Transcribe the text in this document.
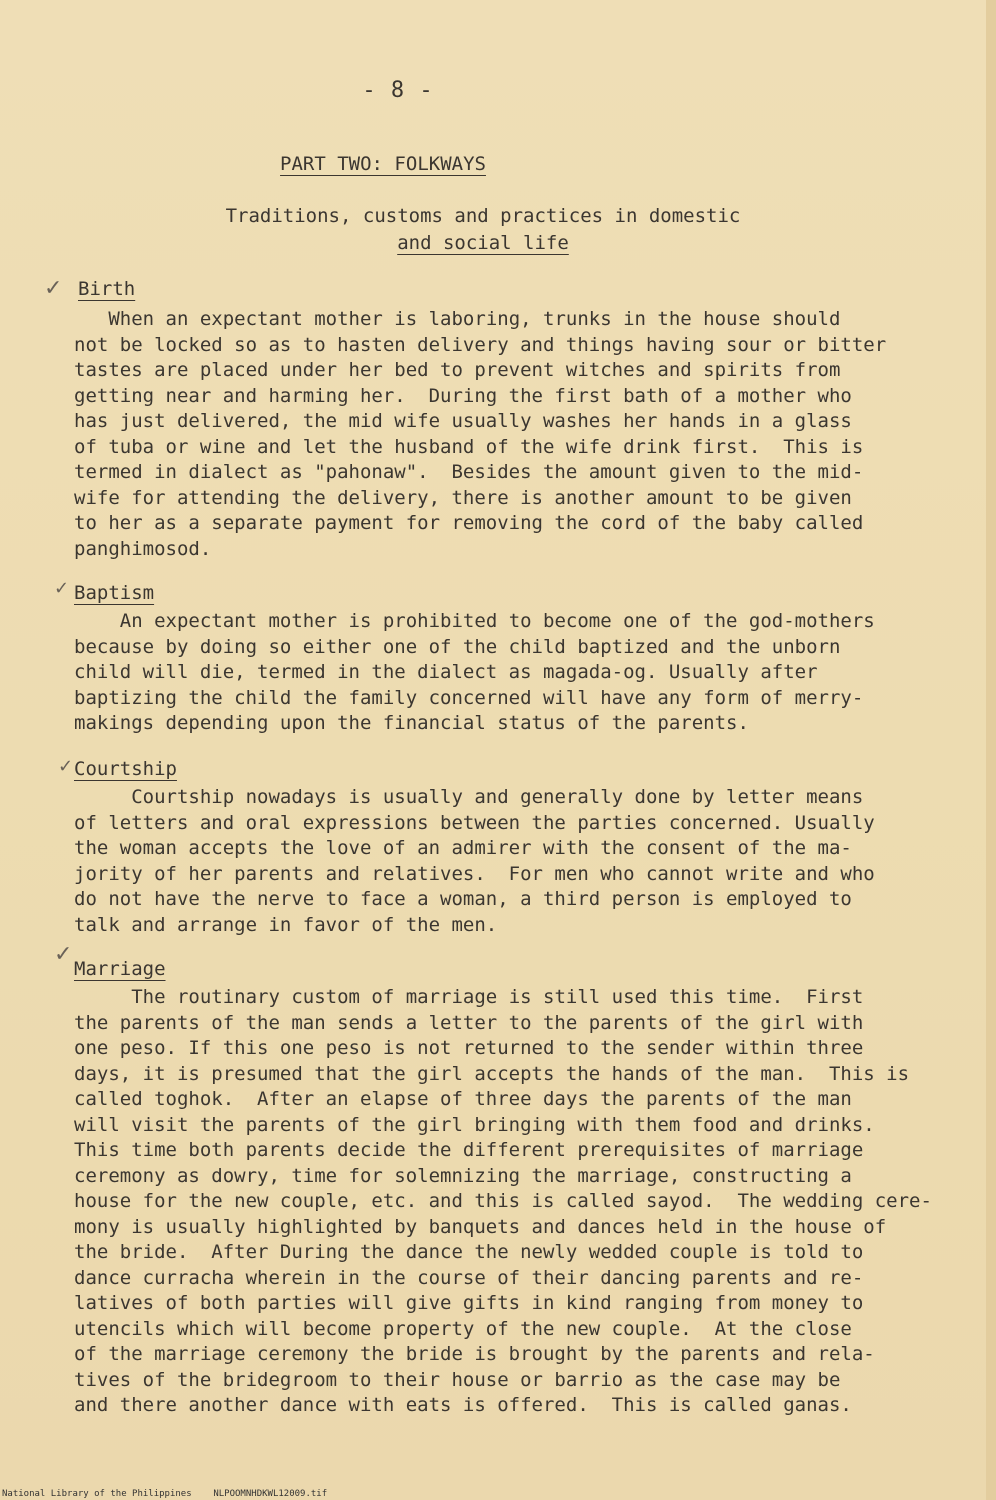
- 8 -
PART TWO: FOLKWAYS
Traditions, customs and practices in domestic
and social life
✓ Birth

When an expectant mother is laboring, trunks in the house should
not be locked so as to hasten delivery and things having sour or bitter
tastes are placed under her bed to prevent witches and spirits from
getting near and harming her.  During the first bath of a mother who
has just delivered, the mid wife usually washes her hands in a glass
of tuba or wine and let the husband of the wife drink first.  This is
termed in dialect as "pahonaw".  Besides the amount given to the mid-
wife for attending the delivery, there is another amount to be given
to her as a separate payment for removing the cord of the baby called
panghimosod.

✓ Baptism

An expectant mother is prohibited to become one of the god-mothers
because by doing so either one of the child baptized and the unborn
child will die, termed in the dialect as magada-og. Usually after
baptizing the child the family concerned will have any form of merry-
makings depending upon the financial status of the parents.

✓ Courtship

Courtship nowadays is usually and generally done by letter means
of letters and oral expressions between the parties concerned. Usually
the woman accepts the love of an admirer with the consent of the ma-
jority of her parents and relatives.  For men who cannot write and who
do not have the nerve to face a woman, a third person is employed to
talk and arrange in favor of the men.

✓
Marriage

The routinary custom of marriage is still used this time.  First
the parents of the man sends a letter to the parents of the girl with
one peso. If this one peso is not returned to the sender within three
days, it is presumed that the girl accepts the hands of the man.  This is
called toghok.  After an elapse of three days the parents of the man
will visit the parents of the girl bringing with them food and drinks.
This time both parents decide the different prerequisites of marriage
ceremony as dowry, time for solemnizing the marriage, constructing a
house for the new couple, etc. and this is called sayod.  The wedding cere-
mony is usually highlighted by banquets and dances held in the house of
the bride.  After During the dance the newly wedded couple is told to
dance curracha wherein in the course of their dancing parents and re-
latives of both parties will give gifts in kind ranging from money to
utencils which will become property of the new couple.  At the close
of the marriage ceremony the bride is brought by the parents and rela-
tives of the bridegroom to their house or barrio as the case may be
and there another dance with eats is offered.  This is called ganas.

National Library of the Philippines NLPOOMNHDKWL12009.tif
